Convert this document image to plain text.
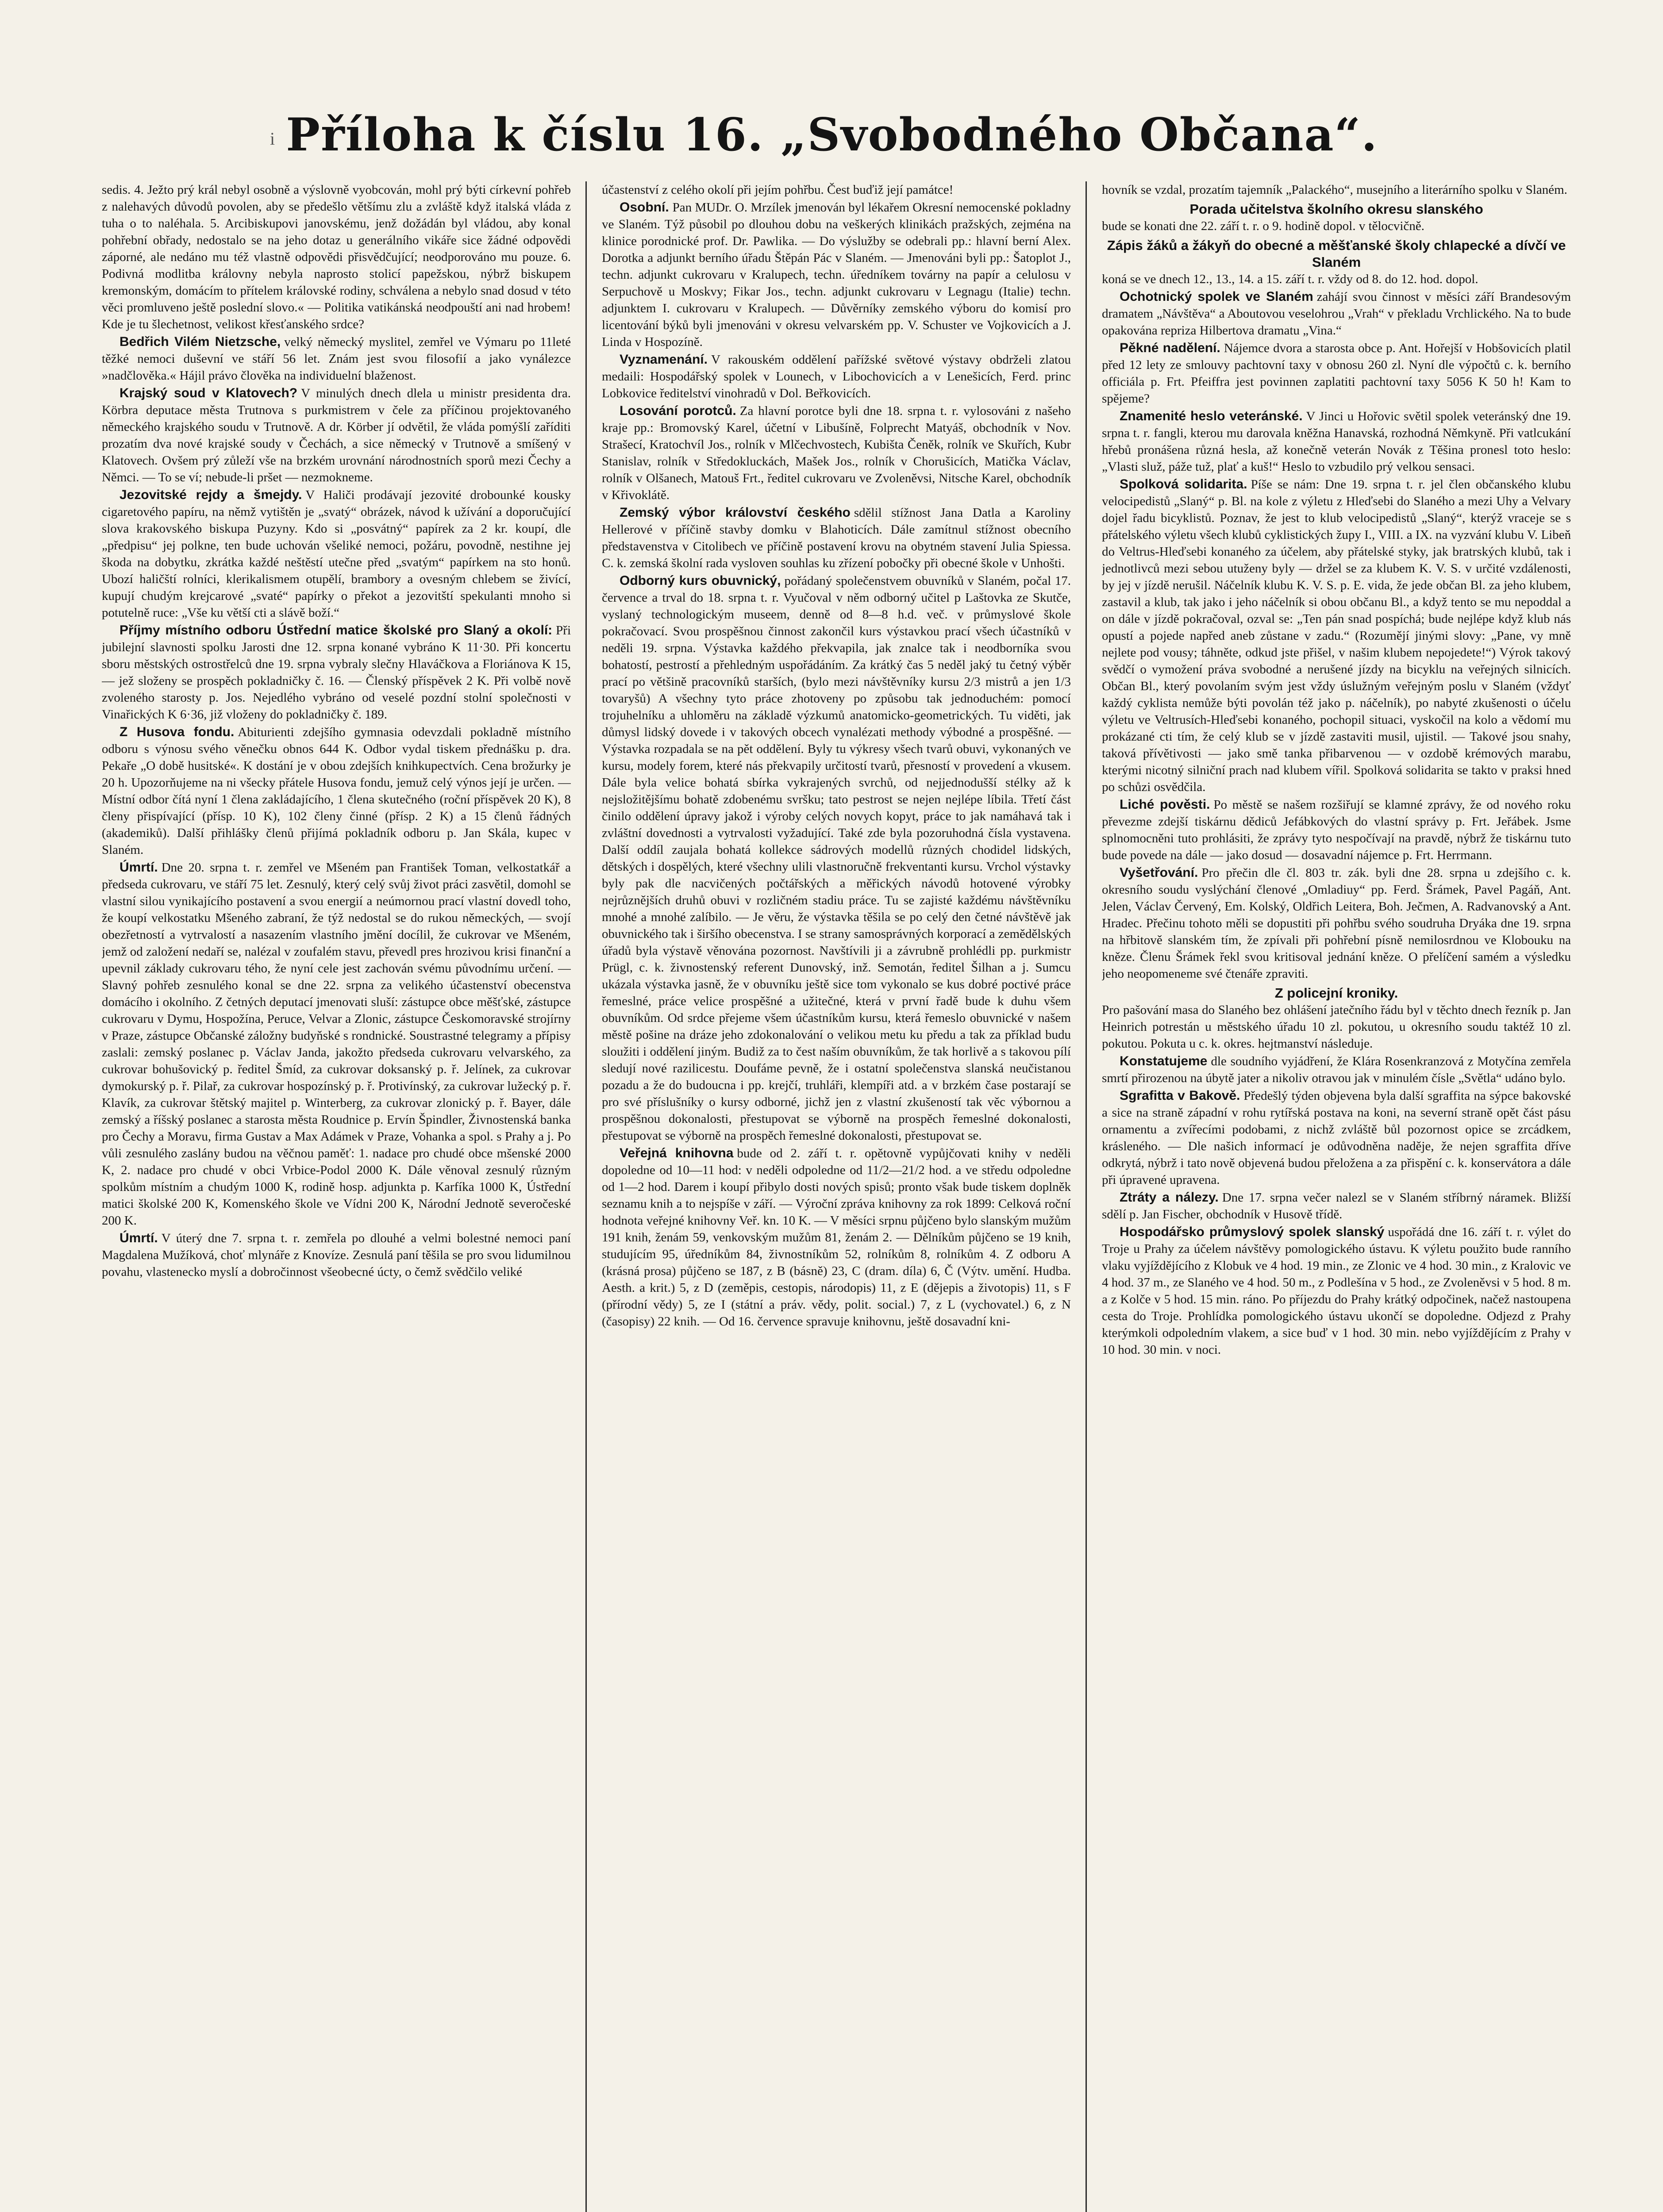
Příloha k číslu 16. „Svobodného Občana“.
i

sedis. 4. Ježto prý král nebyl osobně a výslovně vyobcován, mohl prý býti církevní pohřeb z nalehavých důvodů povolen, aby se předešlo většímu zlu a zvláště když italská vláda z tuha o to naléhala. 5. Arcibiskupovi janovskému, jenž dožádán byl vládou, aby konal pohřební obřady, nedostalo se na jeho dotaz u generálního vikáře sice žádné odpovědi záporné, ale nedáno mu též vlastně odpovědi přisvědčující; neodporováno mu pouze. 6. Podivná modlitba královny nebyla naprosto stolicí papežskou, nýbrž biskupem kremonským, domácím to přítelem královské rodiny, schválena a nebylo snad dosud v této věci promluveno ještě poslední slovo.« — Politika vatikánská neodpouští ani nad hrobem! Kde je tu šlechetnost, velikost křesťanského srdce?

Bedřich Vilém Nietzsche, velký německý myslitel, zemřel ve Výmaru po 11leté těžké nemoci duševní ve stáří 56 let. Znám jest svou filosofií a jako vynálezce »nadčlověka.« Hájil právo člověka na individuelní blaženost.

Krajský soud v Klatovech? V minulých dnech dlela u ministr presidenta dra. Körbra deputace města Trutnova s purkmistrem v čele za příčinou projektovaného německého krajského soudu v Trutnově. A dr. Körber jí odvětil, že vláda pomýšlí zaříditi prozatím dva nové krajské soudy v Čechách, a sice německý v Trutnově a smíšený v Klatovech. Ovšem prý zůleží vše na brzkém urovnání národnostních sporů mezi Čechy a Němci. — To se ví; nebude-li pršet — nezmokneme.

Jezovitské rejdy a šmejdy. V Haliči prodávají jezovité drobounké kousky cigaretového papíru, na němž vytištěn je „svatý“ obrázek, návod k užívání a doporučující slova krakovského biskupa Puzyny. Kdo si „posvátný“ papírek za 2 kr. koupí, dle „předpisu“ jej polkne, ten bude uchován všeliké nemoci, požáru, povodně, nestihne jej škoda na dobytku, zkrátka každé neštěstí utečne před „svatým“ papírkem na sto honů. Ubozí haličští rolníci, klerikalismem otupělí, brambory a ovesným chlebem se živící, kupují chudým krejcarové „svaté“ papírky o překot a jezovitští spekulanti mnoho si potutelně ruce: „Vše ku větší cti a slávě boží.“

Příjmy místního odboru Ústřední matice školské pro Slaný a okolí: Při jubilejní slavnosti spolku Jarosti dne 12. srpna konané vybráno K 11·30. Při koncertu sboru městských ostrostřelců dne 19. srpna vybraly slečny Hlaváčkova a Floriánova K 15,— jež složeny se prospěch pokladničky č. 16. — Členský příspěvek 2 K. Při volbě nově zvoleného starosty p. Jos. Nejedlého vybráno od veselé pozdní stolní společnosti v Vinařických K 6·36, již vloženy do pokladničky č. 189.

Z Husova fondu. Abiturienti zdejšího gymnasia odevzdali pokladně místního odboru s výnosu svého věnečku obnos 644 K. Odbor vydal tiskem přednášku p. dra. Pekaře „O době husitské«. K dostání je v obou zdejších knihkupectvích. Cena brožurky je 20 h. Upozorňujeme na ni všecky přátele Husova fondu, jemuž celý výnos její je určen. — Místní odbor čítá nyní 1 člena zakládajícího, 1 člena skutečného (roční příspěvek 20 K), 8 členy přispívající (přísp. 10 K), 102 členy činné (přísp. 2 K) a 15 členů řádných (akademiků). Další přihlášky členů přijímá pokladník odboru p. Jan Skála, kupec v Slaném.

Úmrtí. Dne 20. srpna t. r. zemřel ve Mšeném pan František Toman, velkostatkář a předseda cukrovaru, ve stáří 75 let. Zesnulý, který celý svůj život práci zasvětil, domohl se vlastní silou vynikajícího postavení a svou energií a neúmornou prací vlastní dovedl toho, že koupí velkostatku Mšeného zabraní, že týž nedostal se do rukou německých, — svojí obezřetností a vytrvalostí a nasazením vlastního jmění docílil, že cukrovar ve Mšeném, jemž od založení nedaří se, nalézal v zoufalém stavu, převedl pres hrozivou krisi finanční a upevnil základy cukrovaru tého, že nyní cele jest zachován svému původnímu určení. — Slavný pohřeb zesnulého konal se dne 22. srpna za velikého účastenství obecenstva domácího i okolního. Z četných deputací jmenovati sluší: zástupce obce měšťské, zástupce cukrovaru v Dymu, Hospožína, Peruce, Velvar a Zlonic, zástupce Českomoravské strojírny v Praze, zástupce Občanské záložny budyňské s rondnické. Soustrastné telegramy a přípisy zaslali: zemský poslanec p. Václav Janda, jakožto předseda cukrovaru velvarského, za cukrovar bohušovický p. ředitel Šmíd, za cukrovar doksanský p. ř. Jelínek, za cukrovar dymokurský p. ř. Pilař, za cukrovar hospozínský p. ř. Protivínský, za cukrovar lužecký p. ř. Klavík, za cukrovar štětský majitel p. Winterberg, za cukrovar zlonický p. ř. Bayer, dále zemský a říšský poslanec a starosta města Roudnice p. Ervín Špindler, Živnostenská banka pro Čechy a Moravu, firma Gustav a Max Adámek v Praze, Vohanka a spol. s Prahy a j. Po vůli zesnulého zaslány budou na věčnou paměť: 1. nadace pro chudé obce mšenské 2000 K, 2. nadace pro chudé v obci Vrbice-Podol 2000 K. Dále věnoval zesnulý různým spolkům místním a chudým 1000 K, rodině hosp. adjunkta p. Karfíka 1000 K, Ústřední matici školské 200 K, Komenského škole ve Vídni 200 K, Národní Jednotě severočeské 200 K.

Úmrtí. V úterý dne 7. srpna t. r. zemřela po dlouhé a velmi bolestné nemoci paní Magdalena Mužíková, choť mlynáře z Knovíze. Zesnulá paní těšila se pro svou lidumilnou povahu, vlastenecko myslí a dobročinnost všeobecné úcty, o čemž svědčilo veliké

účastenství z celého okolí při jejím pohřbu. Čest buďiž její památce!

Osobní. Pan MUDr. O. Mrzílek jmenován byl lékařem Okresní nemocenské pokladny ve Slaném. Týž působil po dlouhou dobu na veškerých klinikách pražských, zejména na klinice porodnické prof. Dr. Pawlika. — Do výslužby se odebrali pp.: hlavní berní Alex. Dorotka a adjunkt berního úřadu Štěpán Pác v Slaném. — Jmenováni byli pp.: Šatoplot J., techn. adjunkt cukrovaru v Kralupech, techn. úředníkem továrny na papír a celulosu v Serpuchově u Moskvy; Fikar Jos., techn. adjunkt cukrovaru v Legnagu (Italie) techn. adjunktem I. cukrovaru v Kralupech. — Důvěrníky zemského výboru do komisí pro licentování býků byli jmenováni v okresu velvarském pp. V. Schuster ve Vojkovicích a J. Linda v Hospozíně.

Vyznamenání. V rakouském oddělení pařížské světové výstavy obdrželi zlatou medaili: Hospodářský spolek v Lounech, v Libochovicích a v Lenešicích, Ferd. princ Lobkovice ředitelství vinohradů v Dol. Beřkovicích.

Losování porotců. Za hlavní porotce byli dne 18. srpna t. r. vylosováni z našeho kraje pp.: Bromovský Karel, účetní v Libušíně, Folprecht Matyáš, obchodník v Nov. Strašecí, Kratochvíl Jos., rolník v Mlčechvostech, Kubišta Čeněk, rolník ve Skuřích, Kubr Stanislav, rolník v Středokluckách, Mašek Jos., rolník v Chorušicích, Matička Václav, rolník v Olšanech, Matouš Frt., ředitel cukrovaru ve Zvoleněvsi, Nitsche Karel, obchodník v Křivoklátě.

Zemský výbor království českého sdělil stížnost Jana Datla a Karoliny Hellerové v příčině stavby domku v Blahoticích. Dále zamítnul stížnost obecního představenstva v Citolibech ve příčině postavení krovu na obytném stavení Julia Spiessa. C. k. zemská školní rada vysloven souhlas ku zřízení pobočky při obecné škole v Unhošti.

Odborný kurs obuvnický, pořádaný společenstvem obuvníků v Slaném, počal 17. července a trval do 18. srpna t. r. Vyučoval v něm odborný učitel p Laštovka ze Skutče, vyslaný technologickým museem, denně od 8—8 h.d. več. v průmyslové škole pokračovací. Svou prospěšnou činnost zakončil kurs výstavkou prací všech účastníků v neděli 19. srpna. Výstavka každého překvapila, jak znalce tak i neodborníka svou bohatostí, pestrostí a přehledným uspořádáním. Za krátký čas 5 neděl jaký tu četný výběr prací po většině pracovníků starších, (bylo mezi návštěvníky kursu 2/3 mistrů a jen 1/3 tovaryšů) A všechny tyto práce zhotoveny po způsobu tak jednoduchém: pomocí trojuhelníku a uhloměru na základě výzkumů anatomicko-geometrických. Tu viděti, jak důmysl lidský dovede i v takových obcech vynalézati methody výbodné a prospěšné. — Výstavka rozpadala se na pět oddělení. Byly tu výkresy všech tvarů obuvi, vykonaných ve kursu, modely forem, které nás překvapily určitostí tvarů, přesností v provedení a vkusem. Dále byla velice bohatá sbírka vykrajených svrchů, od nejjednodušší stélky až k nejsložitějšímu bohatě zdobenému svršku; tato pestrost se nejen nejlépe líbila. Třetí část činilo oddělení úpravy jakož i výroby celých novych kopyt, práce to jak namáhavá tak i zvláštní dovednosti a vytrvalosti vyžadující. Také zde byla pozoruhodná čísla vystavena. Další oddíl zaujala bohatá kollekce sádrových modellů různých chodidel lidských, dětských i dospělých, které všechny ulili vlastnoručně frekventanti kursu. Vrchol výstavky byly pak dle nacvičených počtářských a měřických návodů hotovené výrobky nejrůznějších druhů obuvi v rozličném stadiu práce. Tu se zajisté každému návštěvníku mnohé a mnohé zalíbilo. — Je věru, že výstavka těšila se po celý den četné návštěvě jak obuvnického tak i širšího obecenstva. I se strany samosprávných korporací a zemědělských úřadů byla výstavě věnována pozornost. Navštívili ji a závrubně prohlédli pp. purkmistr Prügl, c. k. živnostenský referent Dunovský, inž. Semotán, ředitel Šilhan a j. Sumcu ukázala výstavka jasně, že v obuvníku ještě sice tom vykonalo se kus dobré poctivé práce řemeslné, práce velice prospěšné a užitečné, která v první řadě bude k duhu všem obuvníkům. Od srdce přejeme všem účastníkům kursu, která řemeslo obuvnické v našem městě pošine na dráze jeho zdokonalování o velikou metu ku předu a tak za příklad budu sloužiti i oddělení jiným. Budiž za to čest naším obuvníkům, že tak horlivě a s takovou pílí sledují nové razilicestu. Doufáme pevně, že i ostatní společenstva slanská neučistanou pozadu a že do budoucna i pp. krejčí, truhláři, klempíři atd. a v brzkém čase postarají se pro své příslušníky o kursy odborné, jichž jen z vlastní zkušeností tak věc výbornou a prospěšnou dokonalosti, přestupovat se výborně na prospěch řemeslné dokonalosti, přestupovat se výborně na prospěch řemeslné dokonalosti, přestupovat se.

Veřejná knihovna bude od 2. září t. r. opětovně vypůjčovati knihy v neděli dopoledne od 10—11 hod: v neděli odpoledne od 11/2—21/2 hod. a ve středu odpoledne od 1—2 hod. Darem i koupí přibylo dosti nových spisů; pronto však bude tiskem doplněk seznamu knih a to nejspíše v září. — Výroční zpráva knihovny za rok 1899: Celková roční hodnota veřejné knihovny Veř. kn. 10 K. — V měsíci srpnu půjčeno bylo slanským mužům 191 knih, ženám 59, venkovským mužům 81, ženám 2. — Dělníkům půjčeno se 19 knih, studujícím 95, úředníkům 84, živnostníkům 52, rolníkům 8, rolníkům 4. Z odboru A (krásná prosa) půjčeno se 187, z B (básně) 23, C (dram. díla) 6, Č (Výtv. umění. Hudba. Aesth. a krit.) 5, z D (zeměpis, cestopis, národopis) 11, z E (dějepis a životopis) 11, s F (přírodní vědy) 5, ze I (státní a práv. vědy, polit. social.) 7, z L (vychovatel.) 6, z N (časopisy) 22 knih. — Od 16. července spravuje knihovnu, ještě dosavadní kni-

hovník se vzdal, prozatím tajemník „Palackého“, musejního a literárního spolku v Slaném.

Porada učitelstva školního okresu slanského
bude se konati dne 22. září t. r. o 9. hodině dopol. v tělocvičně.

Zápis žáků a žákyň do obecné a měšťanské školy chlapecké a dívčí ve Slaném
koná se ve dnech 12., 13., 14. a 15. září t. r. vždy od 8. do 12. hod. dopol.

Ochotnický spolek ve Slaném zahájí svou činnost v měsíci září Brandesovým dramatem „Návštěva“ a Aboutovou veselohrou „Vrah“ v překladu Vrchlického. Na to bude opakována repriza Hilbertova dramatu „Vina.“

Pěkné nadělení. Nájemce dvora a starosta obce p. Ant. Hořejší v Hobšovicích platil před 12 lety ze smlouvy pachtovní taxy v obnosu 260 zl. Nyní dle výpočtů c. k. berního officiála p. Frt. Pfeiffra jest povinnen zaplatiti pachtovní taxy 5056 K 50 h! Kam to spějeme?

Znamenité heslo veteránské. V Jinci u Hořovic světil spolek veteránský dne 19. srpna t. r. fangli, kterou mu darovala kněžna Hanavská, rozhodná Němkyně. Při vatlcukání hřebů pronášena různá hesla, až konečně veterán Novák z Těšina pronesl toto heslo: „Vlasti služ, páže tuž, plať a kuš!“ Heslo to vzbudilo prý velkou sensaci.

Spolková solidarita. Píše se nám: Dne 19. srpna t. r. jel člen občanského klubu velocipedistů „Slaný“ p. Bl. na kole z výletu z Hleďsebi do Slaného a mezi Uhy a Velvary dojel řadu bicyklistů. Poznav, že jest to klub velocipedistů „Slaný“, kterýž vraceje se s přátelského výletu všech klubů cyklistických župy I., VIII. a IX. na vyzvání klubu V. Libeň do Veltrus-Hleďsebi konaného za účelem, aby přátelské styky, jak bratrských klubů, tak i jednotlivců mezi sebou utuženy byly — držel se za klubem K. V. S. v určité vzdálenosti, by jej v jízdě nerušil. Náčelník klubu K. V. S. p. E. vida, že jede občan Bl. za jeho klubem, zastavil a klub, tak jako i jeho náčelník si obou občanu Bl., a když tento se mu nepoddal a on dále v jízdě pokračoval, ozval se: „Ten pán snad pospíchá; bude nejlépe když klub nás opustí a pojede napřed aneb zůstane v zadu.“ (Rozumějí jinými slovy: „Pane, vy mně nejlete pod vousy; táhněte, odkud jste přišel, v našim klubem nepojedete!“) Výrok takový svědčí o vymožení práva svobodné a nerušené jízdy na bicyklu na veřejných silnicích. Občan Bl., který povolaním svým jest vždy úslužným veřejným poslu v Slaném (vždyť každý cyklista nemůže býti povolán též jako p. náčelník), po nabyté zkušenosti o účelu výletu ve Veltrusích-Hleďsebi konaného, pochopil situaci, vyskočil na kolo a vědomí mu prokázané cti tím, že celý klub se v jízdě zastaviti musil, ujistil. — Takové jsou snahy, taková přívětivosti — jako smě tanka přibarvenou — v ozdobě krémových marabu, kterými nicotný silniční prach nad klubem vířil. Spolková solidarita se takto v praksi hned po schůzi osvědčila.

Liché pověsti. Po městě se našem rozšiřují se klamné zprávy, že od nového roku převezme zdejší tiskárnu dědiců Jefábkových do vlastní správy p. Frt. Jeřábek. Jsme splnomocněni tuto prohlásiti, že zprávy tyto nespočívají na pravdě, nýbrž že tiskárnu tuto bude povede na dále — jako dosud — dosavadní nájemce p. Frt. Herrmann.

Vyšetřování. Pro přečin dle čl. 803 tr. zák. byli dne 28. srpna u zdejšího c. k. okresního soudu vyslýchání členové „Omladiuy“ pp. Ferd. Šrámek, Pavel Pagáň, Ant. Jelen, Václav Červený, Em. Kolský, Oldřich Leitera, Boh. Ječmen, A. Radvanovský a Ant. Hradec. Přečinu tohoto měli se dopustiti při pohřbu svého soudruha Dryáka dne 19. srpna na hřbitově slanském tím, že zpívali při pohřební písně nemilosrdnou ve Klobouku na kněze. Členu Šrámek řekl svou kritisoval jednání kněze. O přelíčení samém a výsledku jeho neopomeneme své čtenáře zpraviti.

Z policejní kroniky.
Pro pašování masa do Slaného bez ohlášení jatečního řádu byl v těchto dnech řezník p. Jan Heinrich potrestán u městského úřadu 10 zl. pokutou, u okresního soudu taktéž 10 zl. pokutou. Pokuta u c. k. okres. hejtmanství následuje.

Konstatujeme dle soudního vyjádření, že Klára Rosenkranzová z Motyčína zemřela smrtí přirozenou na úbytě jater a nikoliv otravou jak v minulém čísle „Světla“ udáno bylo.

Sgrafitta v Bakově. Předešlý týden objevena byla další sgraffita na sýpce bakovské a sice na straně západní v rohu rytířská postava na koni, na severní straně opět část pásu ornamentu a zvířecími podobami, z nichž zvláště bůl pozornost opice se zrcádkem, krásleného. — Dle našich informací je odůvodněna naděje, že nejen sgraffita dříve odkrytá, nýbrž i tato nově objevená budou přeložena a za přispění c. k. konservátora a dále při úpravené upravena.

Ztráty a nálezy. Dne 17. srpna večer nalezl se v Slaném stříbrný náramek. Bližší sdělí p. Jan Fischer, obchodník v Husově třídě.

Hospodářsko průmyslový spolek slanský uspořádá dne 16. září t. r. výlet do Troje u Prahy za účelem návštěvy pomologického ústavu. K výletu použito bude ranního vlaku vyjíždějícího z Klobuk ve 4 hod. 19 min., ze Zlonic ve 4 hod. 30 min., z Kralovic ve 4 hod. 37 m., ze Slaného ve 4 hod. 50 m., z Podlešína v 5 hod., ze Zvoleněvsi v 5 hod. 8 m. a z Kolče v 5 hod. 15 min. ráno. Po příjezdu do Prahy krátký odpočinek, načež nastoupena cesta do Troje. Prohlídka pomologického ústavu ukončí se dopoledne. Odjezd z Prahy kterýmkoli odpoledním vlakem, a sice buď v 1 hod. 30 min. nebo vyjíždějícím z Prahy v 10 hod. 30 min. v noci.
